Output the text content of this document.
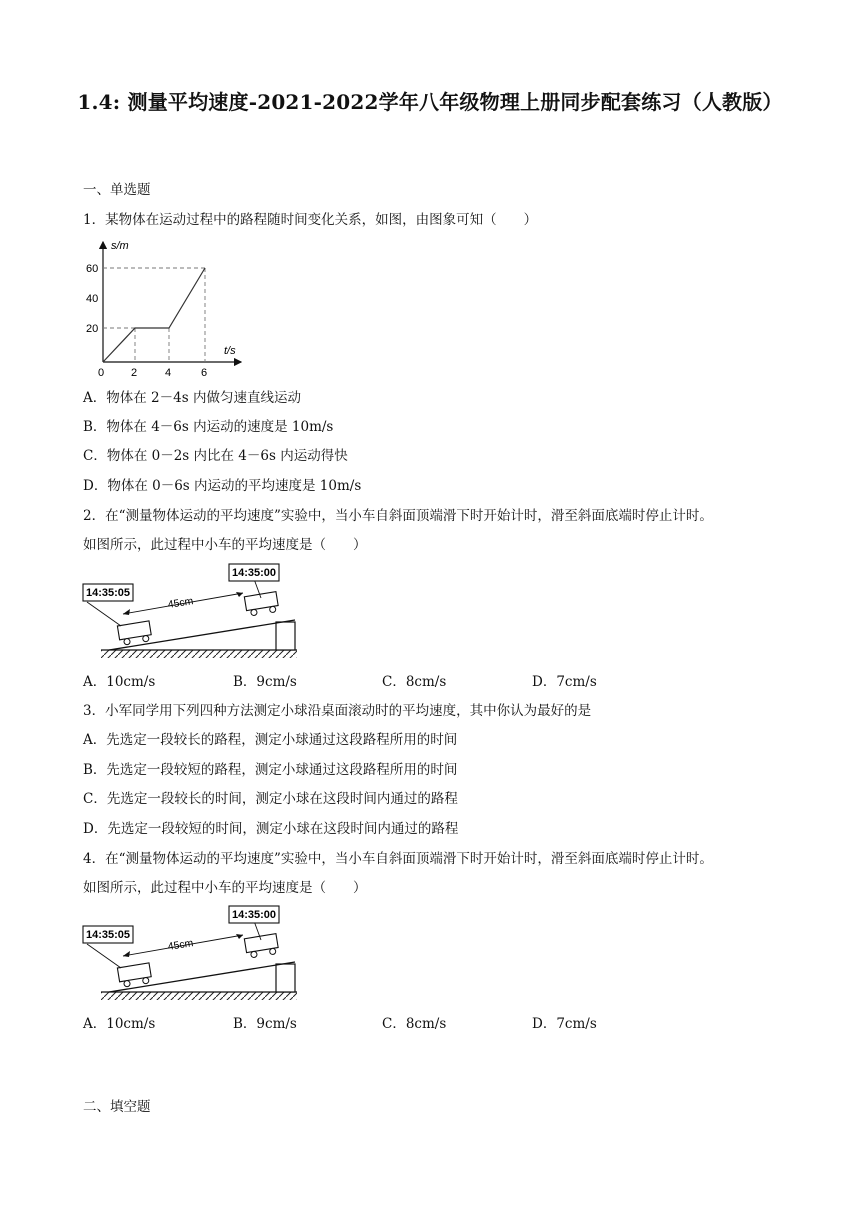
1.4: 测量平均速度-2021-2022学年八年级物理上册同步配套练习（人教版）
一、单选题
1．某物体在运动过程中的路程随时间变化关系，如图，由图象可知（　　）
s/m
t/s
20
40
60
0 2	4	6
A．物体在 2－4s 内做匀速直线运动
B．物体在 4－6s 内运动的速度是 10m/s
C．物体在 0－2s 内比在 4－6s 内运动得快
D．物体在 0－6s 内运动的平均速度是 10m/s
2．在“测量物体运动的平均速度”实验中，当小车自斜面顶端滑下时开始计时，滑至斜面底端时停止计时。
如图所示，此过程中小车的平均速度是（　　）
14:35:05
14:35:00
45cm
A．10cm/s	B．9cm/s	C．8cm/s	D．7cm/s
3．小军同学用下列四种方法测定小球沿桌面滚动时的平均速度，其中你认为最好的是
A．先选定一段较长的路程，测定小球通过这段路程所用的时间
B．先选定一段较短的路程，测定小球通过这段路程所用的时间
C．先选定一段较长的时间，测定小球在这段时间内通过的路程
D．先选定一段较短的时间，测定小球在这段时间内通过的路程
4．在“测量物体运动的平均速度”实验中，当小车自斜面顶端滑下时开始计时，滑至斜面底端时停止计时。
如图所示，此过程中小车的平均速度是（　　）
14:35:05
14:35:00
45cm
A．10cm/s	B．9cm/s	C．8cm/s	D．7cm/s
二、填空题
